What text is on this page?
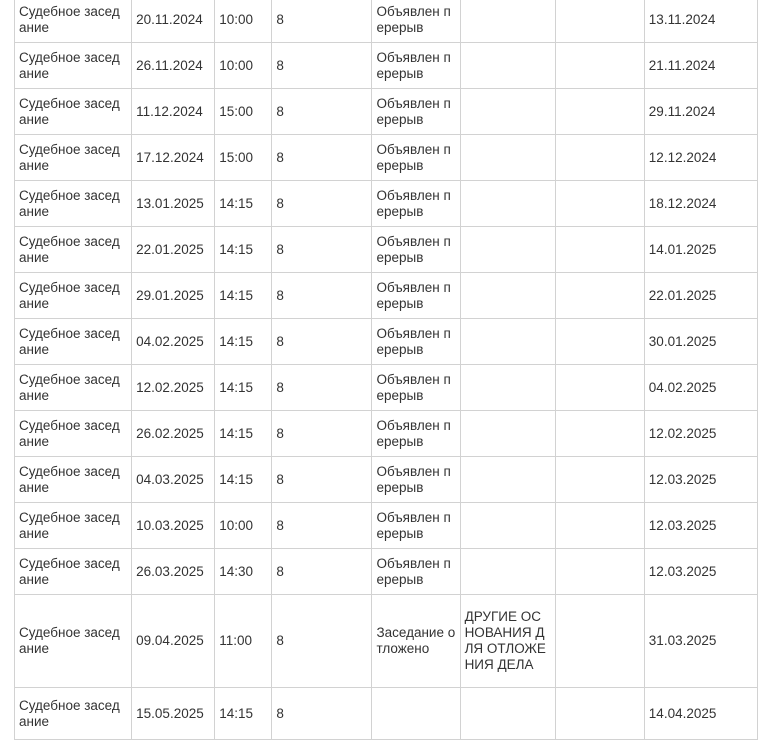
Судебное заседание	20.11.2024	10:00	8	Объявлен перерыв			13.11.2024

Судебное заседание	26.11.2024	10:00	8	Объявлен перерыв			21.11.2024

Судебное заседание	11.12.2024	15:00	8	Объявлен перерыв			29.11.2024

Судебное заседание	17.12.2024	15:00	8	Объявлен перерыв			12.12.2024

Судебное заседание	13.01.2025	14:15	8	Объявлен перерыв			18.12.2024

Судебное заседание	22.01.2025	14:15	8	Объявлен перерыв			14.01.2025

Судебное заседание	29.01.2025	14:15	8	Объявлен перерыв			22.01.2025

Судебное заседание	04.02.2025	14:15	8	Объявлен перерыв			30.01.2025

Судебное заседание	12.02.2025	14:15	8	Объявлен перерыв			04.02.2025

Судебное заседание	26.02.2025	14:15	8	Объявлен перерыв			12.02.2025

Судебное заседание	04.03.2025	14:15	8	Объявлен перерыв			12.03.2025

Судебное заседание	10.03.2025	10:00	8	Объявлен перерыв			12.03.2025

Судебное заседание	26.03.2025	14:30	8	Объявлен перерыв			12.03.2025

Судебное заседание	09.04.2025	11:00	8	Заседание отложено	ДРУГИЕ ОСНОВАНИЯ ДЛЯ ОТЛОЖЕНИЯ ДЕЛА		31.03.2025

Судебное заседание	15.05.2025	14:15	8				14.04.2025
